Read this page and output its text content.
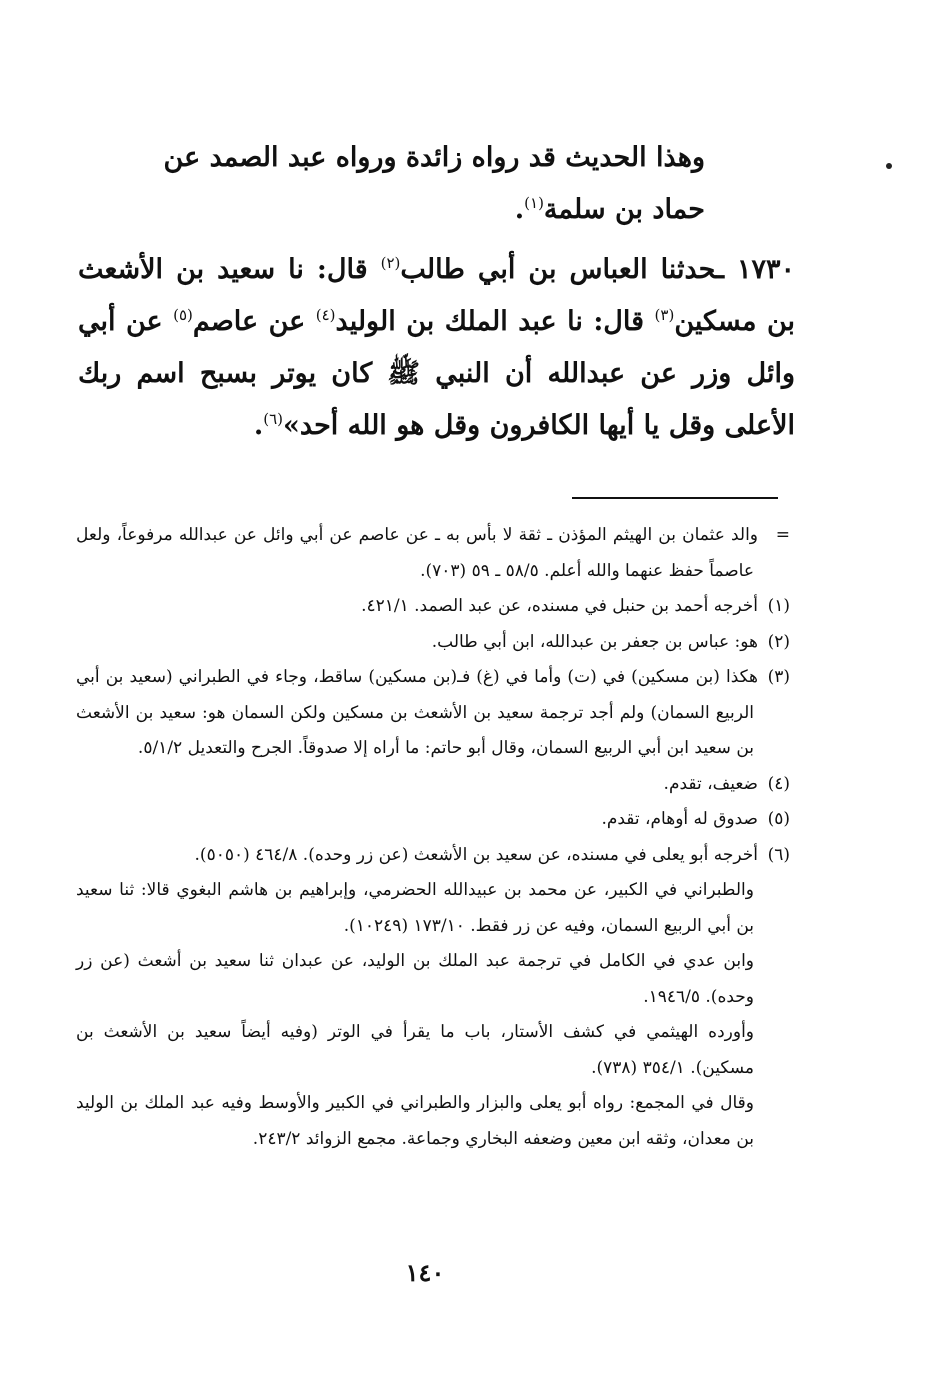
وهذا الحديث قد رواه زائدة ورواه عبد الصمد عن
حماد بن سلمة$^{(١)}$.

١٧٣٠ ـحدثنا العباس بن أبي طالب$^{(٢)}$ قال: نا سعيد بن الأشعث بن مسكين$^{(٣)}$ قال: نا عبد الملك بن الوليد$^{(٤)}$ عن عاصم$^{(٥)}$ عن أبي وائل وزر عن عبدالله أن النبي ﷺ كان يوتر بسبح اسم ربك الأعلى وقل يا أيها الكافرون وقل هو الله أحد»$^{(٦)}$.

=والد عثمان بن الهيثم المؤذن ـ ثقة لا بأس به ـ عن عاصم عن أبي وائل عن عبدالله مرفوعاً، ولعل عاصماً حفظ عنهما والله أعلم. ٥٨/٥ ـ ٥٩ (٧٠٣).

(١)أخرجه أحمد بن حنبل في مسنده، عن عبد الصمد. ٤٢١/١.

(٢)هو: عباس بن جعفر بن عبدالله، ابن أبي طالب.

(٣)هكذا (بن مسكين) في (ت) وأما في (غ) فـ(بن مسكين) ساقط، وجاء في الطبراني (سعيد بن أبي الربيع السمان) ولم أجد ترجمة سعيد بن الأشعث بن مسكين ولكن السمان هو: سعيد بن الأشعث بن سعيد ابن أبي الربيع السمان، وقال أبو حاتم: ما أراه إلا صدوقاً. الجرح والتعديل ٥/١/٢.

(٤)ضعيف، تقدم.

(٥)صدوق له أوهام، تقدم.

(٦)أخرجه أبو يعلى في مسنده، عن سعيد بن الأشعث (عن زر وحده). ٤٦٤/٨ (٥٠٥٠).
والطبراني في الكبير، عن محمد بن عبيدالله الحضرمي، وإبراهيم بن هاشم البغوي قالا: ثنا سعيد بن أبي الربيع السمان، وفيه عن زر فقط. ١٧٣/١٠ (١٠٢٤٩).
وابن عدي في الكامل في ترجمة عبد الملك بن الوليد، عن عبدان ثنا سعيد بن أشعث (عن زر وحده). ١٩٤٦/٥.
وأورده الهيثمي في كشف الأستار، باب ما يقرأ في الوتر (وفيه أيضاً سعيد بن الأشعث بن مسكين). ٣٥٤/١ (٧٣٨).
وقال في المجمع: رواه أبو يعلى والبزار والطبراني في الكبير والأوسط وفيه عبد الملك بن الوليد بن معدان، وثقه ابن معين وضعفه البخاري وجماعة. مجمع الزوائد ٢٤٣/٢.

١٤٠
